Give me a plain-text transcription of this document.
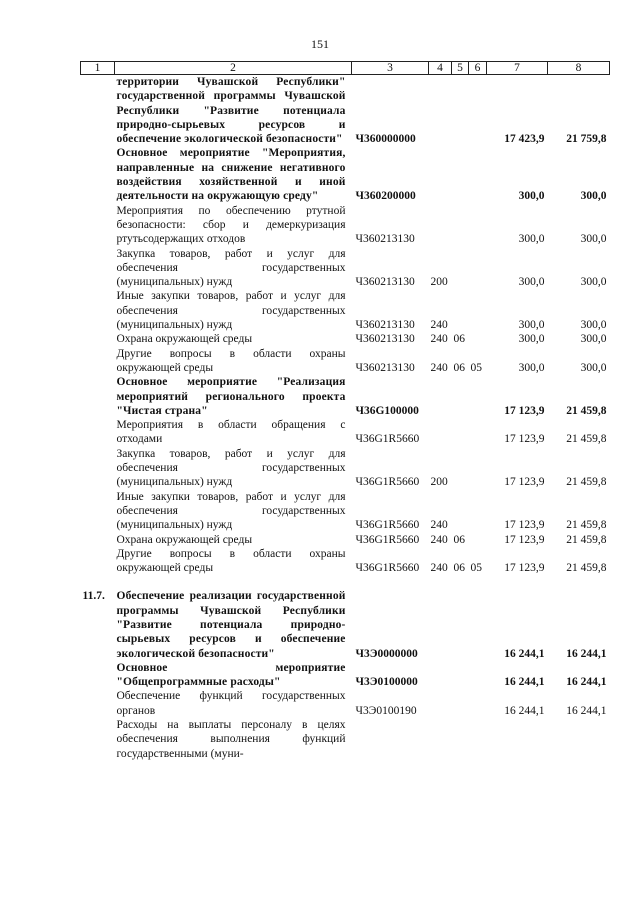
151
1	2	3	4	5	6	7	8
	территории Чувашской Республики" государственной программы Чувашской Республики "Развитие потенциала природно-сырьевых ресурсов и обеспечение экологической безопасности"	Ч360000000				17 423,9	21 759,8
	Основное мероприятие "Мероприятия, направленные на снижение негативного воздействия хозяйственной и иной деятельности на окружающую среду"	Ч360200000				300,0	300,0
	Мероприятия по обеспечению ртутной безопасности: сбор и демеркуризация ртутьсодержащих отходов	Ч360213130				300,0	300,0
	Закупка товаров, работ и услуг для обеспечения государственных (муниципальных) нужд	Ч360213130	200			300,0	300,0
	Иные закупки товаров, работ и услуг для обеспечения государственных (муниципальных) нужд	Ч360213130	240			300,0	300,0
	Охрана окружающей среды	Ч360213130	240	06		300,0	300,0
	Другие вопросы в области охраны окружающей среды	Ч360213130	240	06	05	300,0	300,0
	Основное мероприятие "Реализация мероприятий регионального проекта "Чистая страна"	Ч36G100000				17 123,9	21 459,8
	Мероприятия в области обращения с отходами	Ч36G1R5660				17 123,9	21 459,8
	Закупка товаров, работ и услуг для обеспечения государственных (муниципальных) нужд	Ч36G1R5660	200			17 123,9	21 459,8
	Иные закупки товаров, работ и услуг для обеспечения государственных (муниципальных) нужд	Ч36G1R5660	240			17 123,9	21 459,8
	Охрана окружающей среды	Ч36G1R5660	240	06		17 123,9	21 459,8
	Другие вопросы в области охраны окружающей среды	Ч36G1R5660	240	06	05	17 123,9	21 459,8

11.7.	Обеспечение реализации государственной программы Чувашской Республики "Развитие потенциала природно-сырьевых ресурсов и обеспечение экологической безопасности"	Ч3Э0000000				16 244,1	16 244,1
	Основное мероприятие "Общепрограммные расходы"	Ч3Э0100000				16 244,1	16 244,1
	Обеспечение функций государственных органов	Ч3Э0100190				16 244,1	16 244,1
	Расходы на выплаты персоналу в целях обеспечения выполнения функций государственными (муни-						
